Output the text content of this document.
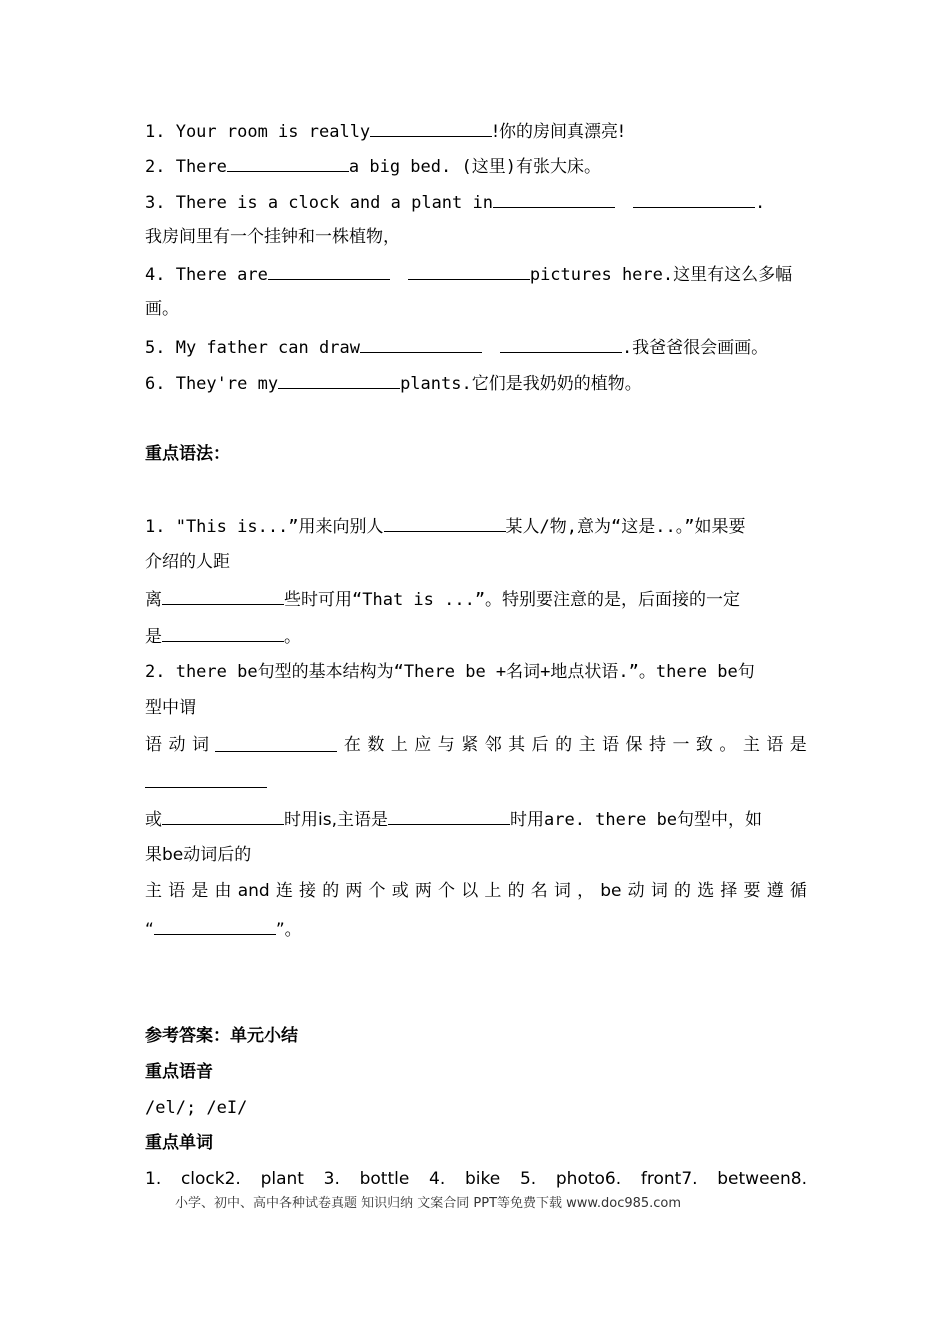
1. Your room is really	!你的房间真漂亮!
2. There	a big bed. (这里)有张大床。
3. There is a clock and a plant in	.
我房间里有一个挂钟和一株植物，
4. There are	pictures here.这里有这么多幅
画。
5. My father can draw	.我爸爸很会画画。
6. They're my	plants.它们是我奶奶的植物。
重点语法：
1. "This is...”用来向别人	某人/物,意为“这是..。”如果要
介绍的人距
离	些时可用“That is ...”。特别要注意的是，后面接的一定
是	。
2. there be句型的基本结构为“There be +名词+地点状语.”。there be句
型中谓
语 动 词	在 数 上 应 与 紧 邻 其 后 的 主 语 保 持 一 致 。 主 语 是
或	时用is,主语是	时用are. there be句型中，如
果be动词后的
主 语 是 由 and 连 接 的 两 个 或 两 个 以 上 的 名 词 ， be 动 词 的 选 择 要 遵 循
“	”。
参考答案：单元小结
重点语音
/el/; /eI/
重点单词
1. clock2. plant 3. bottle 4. bike 5. photo6. front7. between8.
小学、初中、高中各种试卷真题 知识归纳 文案合同 PPT等免费下载 www.doc985.com
